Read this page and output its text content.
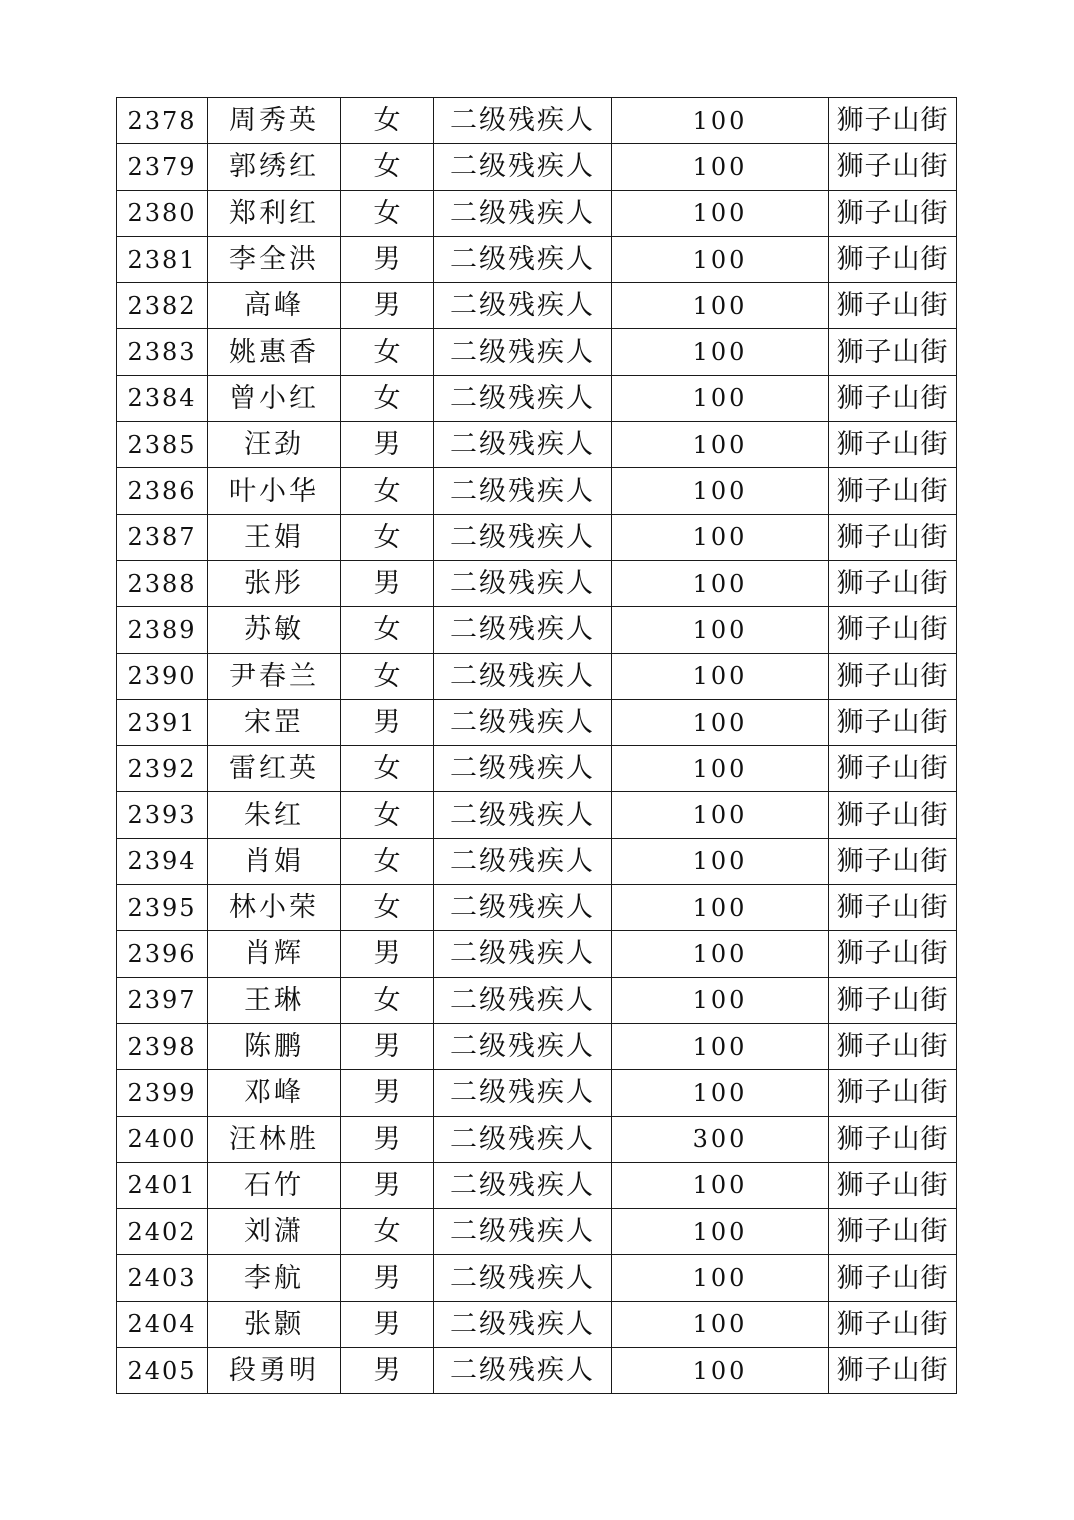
2378	周秀英	女	二级残疾人	100	狮子山街
2379	郭绣红	女	二级残疾人	100	狮子山街
2380	郑利红	女	二级残疾人	100	狮子山街
2381	李全洪	男	二级残疾人	100	狮子山街
2382	高峰	男	二级残疾人	100	狮子山街
2383	姚惠香	女	二级残疾人	100	狮子山街
2384	曾小红	女	二级残疾人	100	狮子山街
2385	汪劲	男	二级残疾人	100	狮子山街
2386	叶小华	女	二级残疾人	100	狮子山街
2387	王娟	女	二级残疾人	100	狮子山街
2388	张彤	男	二级残疾人	100	狮子山街
2389	苏敏	女	二级残疾人	100	狮子山街
2390	尹春兰	女	二级残疾人	100	狮子山街
2391	宋罡	男	二级残疾人	100	狮子山街
2392	雷红英	女	二级残疾人	100	狮子山街
2393	朱红	女	二级残疾人	100	狮子山街
2394	肖娟	女	二级残疾人	100	狮子山街
2395	林小荣	女	二级残疾人	100	狮子山街
2396	肖辉	男	二级残疾人	100	狮子山街
2397	王琳	女	二级残疾人	100	狮子山街
2398	陈鹏	男	二级残疾人	100	狮子山街
2399	邓峰	男	二级残疾人	100	狮子山街
2400	汪林胜	男	二级残疾人	300	狮子山街
2401	石竹	男	二级残疾人	100	狮子山街
2402	刘潇	女	二级残疾人	100	狮子山街
2403	李航	男	二级残疾人	100	狮子山街
2404	张颢	男	二级残疾人	100	狮子山街
2405	段勇明	男	二级残疾人	100	狮子山街
